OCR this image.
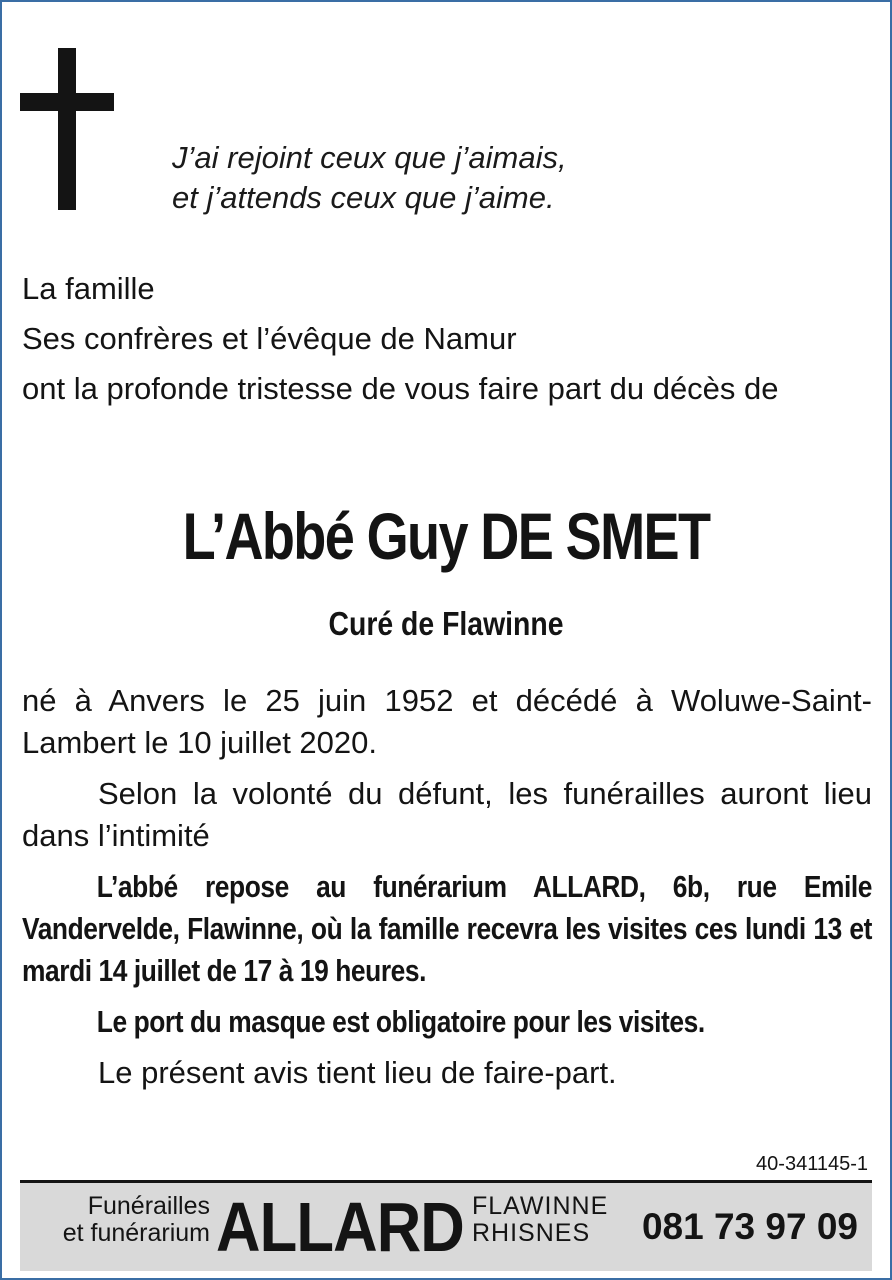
J’ai rejoint ceux que j’aimais,
et j’attends ceux que j’aime.
La famille
Ses confrères et l’évêque de Namur
ont la profonde tristesse de vous faire part du décès de
L’Abbé Guy DE SMET
Curé de Flawinne

né à Anvers le 25 juin 1952 et décédé à Woluwe-Saint-Lambert le 10 juillet 2020.

Selon la volonté du défunt, les funérailles auront lieu dans l’intimité

L’abbé repose au funérarium ALLARD, 6b, rue Emile Vandervelde, Flawinne, où la famille recevra les visites ces lundi 13 et mardi 14 juillet de 17 à 19 heures.

Le port du masque est obligatoire pour les visites.

Le présent avis tient lieu de faire-part.

40-341145-1
Funérailles
et funérarium ALLARD FLAWINNE
RHISNES	081 73 97 09
